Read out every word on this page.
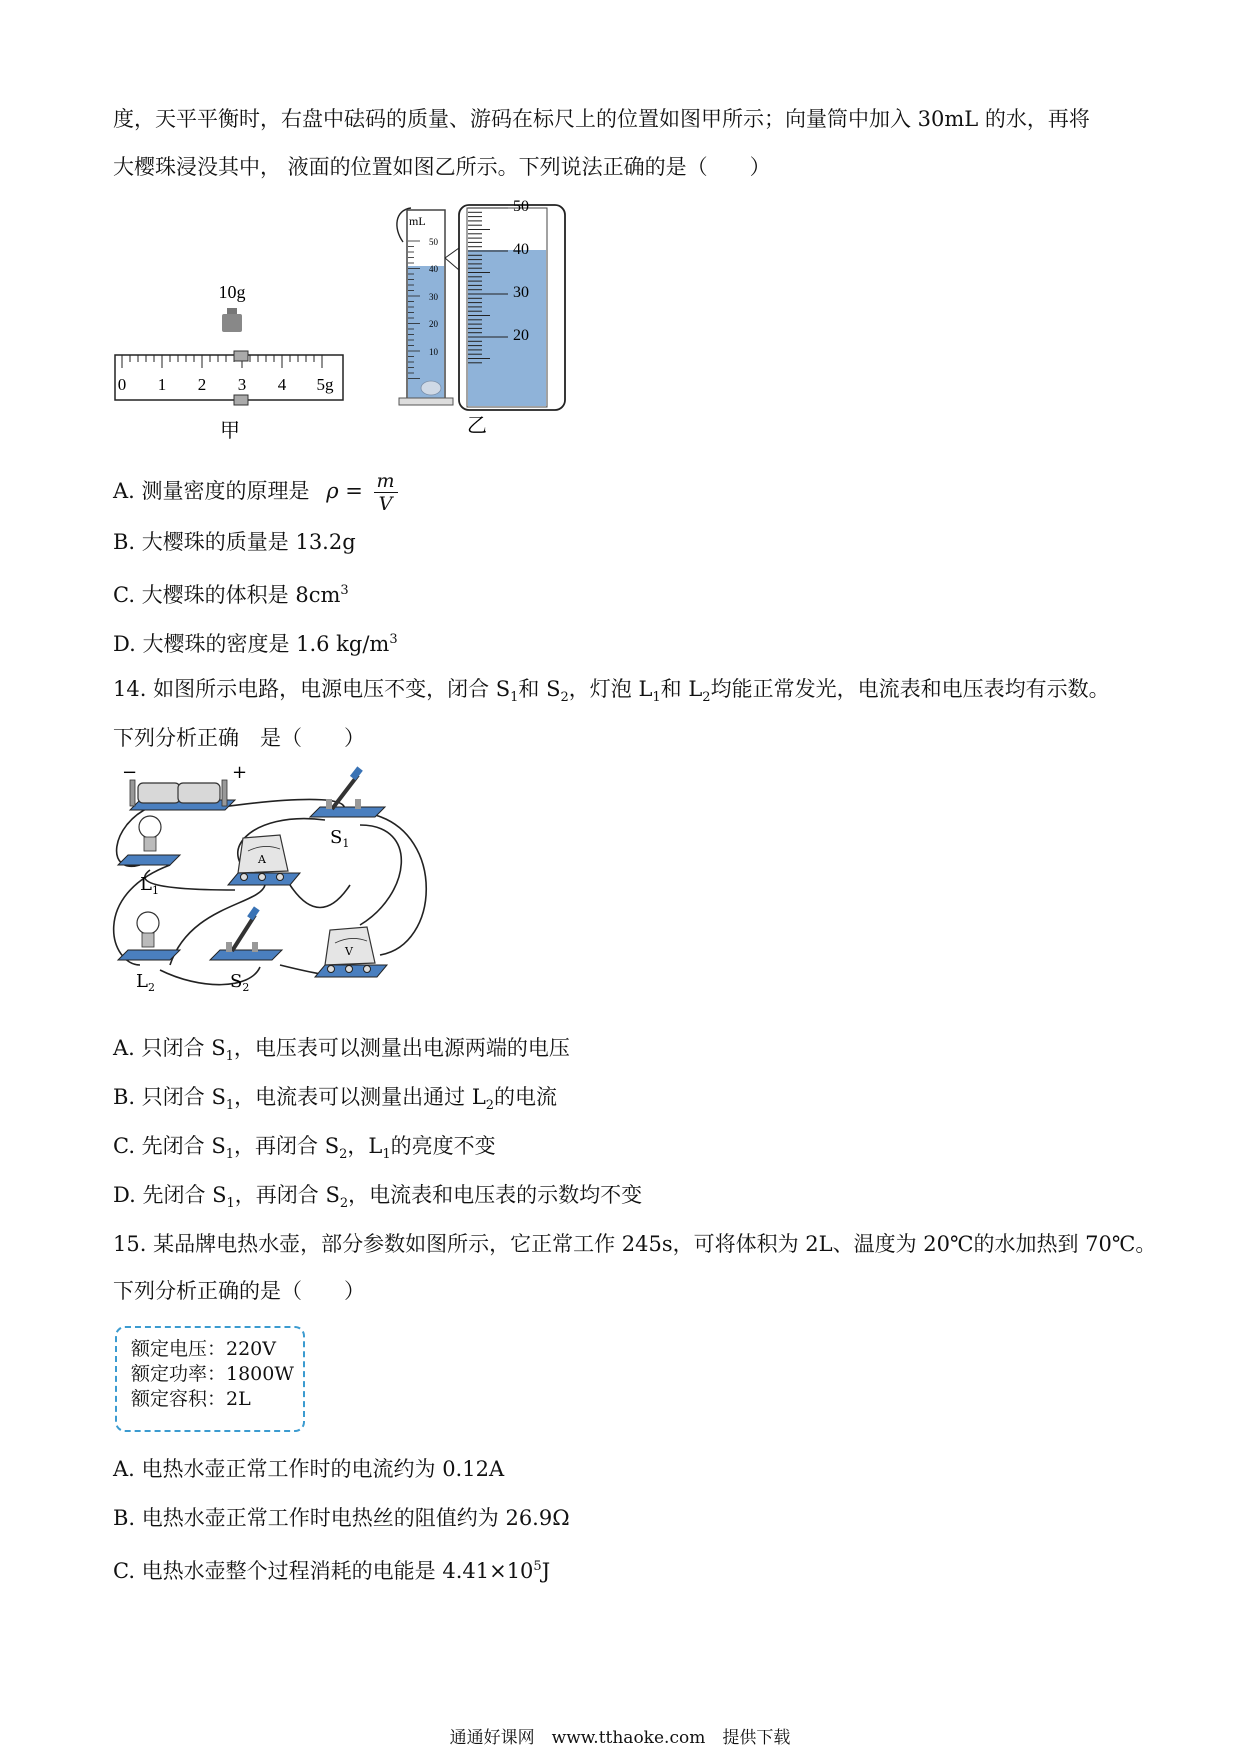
度，天平平衡时，右盘中砝码的质量、游码在标尺上的位置如图甲所示；向量筒中加入 30mL 的水，再将
大樱珠浸没其中， 液面的位置如图乙所示。下列说法正确的是（　　）
10g
0 1 2 3 4 5g
甲
mL
50
40
30
20
10
50
40
30
20
乙
A. 测量密度的原理是 $\rho = \frac{m}{V}$
B. 大樱珠的质量是 13.2g
C. 大樱珠的体积是 $8cm^3$
D. 大樱珠的密度是 1.6 $kg/m^3$
14. 如图所示电路，电源电压不变，闭合 $S_1$和 $S_2$，灯泡 $L_1$和 $L_2$均能正常发光，电流表和电压表均有示数。
下列分析正确　是（　　）
−	+
$S_1$
$L_1$
A
$L_2$	$S_2$
V
A. 只闭合 $S_1$，电压表可以测量出电源两端的电压
B. 只闭合 $S_1$，电流表可以测量出通过 $L_2$的电流
C. 先闭合 $S_1$，再闭合 $S_2$，$L_1$的亮度不变
D. 先闭合 $S_1$，再闭合 $S_2$，电流表和电压表的示数均不变
15. 某品牌电热水壶，部分参数如图所示，它正常工作 245s，可将体积为 2L、温度为 20℃的水加热到 70℃。
下列分析正确的是（　　）
额定电压：220V
额定功率：1800W
额定容积：2L
A. 电热水壶正常工作时的电流约为 0.12A
B. 电热水壶正常工作时电热丝的阻值约为 26.9Ω
C. 电热水壶整个过程消耗的电能是 $4.41\times 10^5J$
通通好课网　www.tthaoke.com　提供下载
